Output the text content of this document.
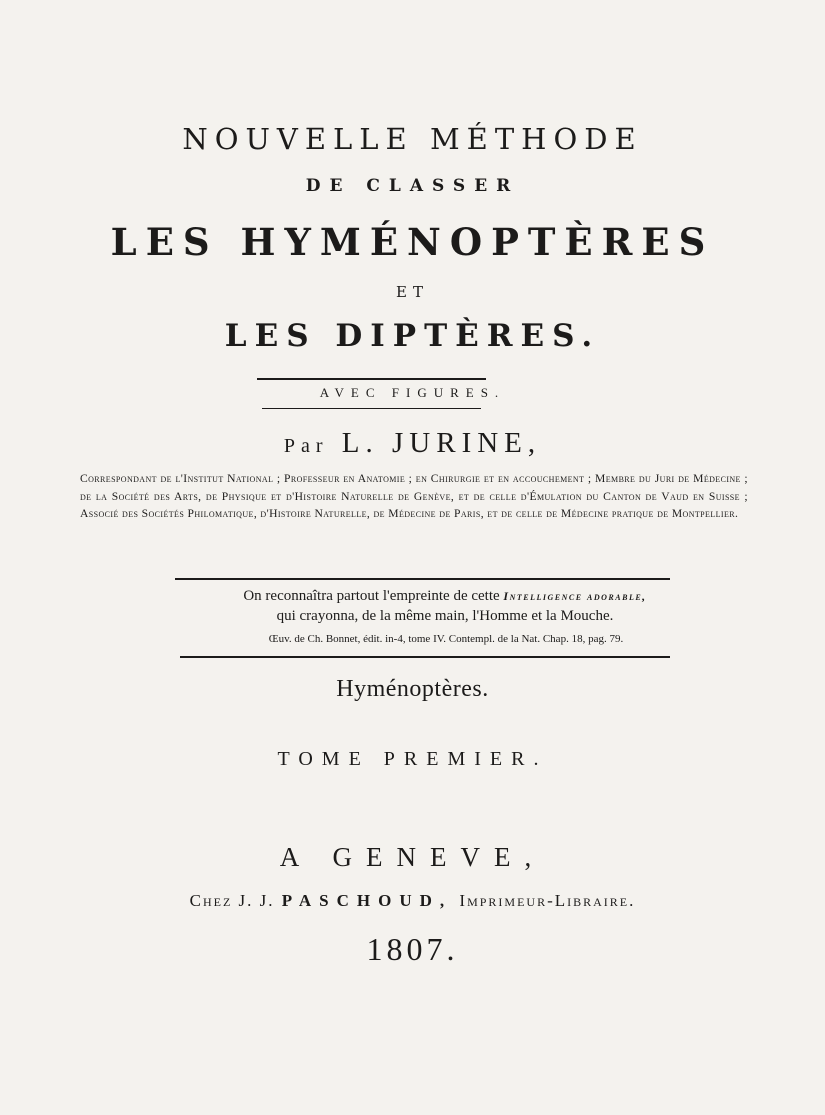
NOUVELLE MÉTHODE
DE CLASSER
LES HYMÉNOPTÈRES
ET
LES DIPTÈRES.
AVEC FIGURES.
Par L. JURINE,
Correspondant de l'Institut National ; Professeur en Anatomie ; en Chirurgie et en accouchement ; Membre du Juri de Médecine ; de la Société des Arts, de Physique et d'Histoire Naturelle de Genève, et de celle d'Émulation du Canton de Vaud en Suisse ; Associé des Sociétés Philomatique, d'Histoire Naturelle, de Médecine de Paris, et de celle de Médecine pratique de Montpellier.
On reconnaîtra partout l'empreinte de cette Intelligence adorable,
qui crayonna, de la même main, l'Homme et la Mouche.
Œuv. de Ch. Bonnet, édit. in-4, tome IV. Contempl. de la Nat. Chap. 18, pag. 79.
Hyménoptères.
TOME PREMIER.
A GENEVE,
Chez J. J. PASCHOUD, Imprimeur-Libraire.
1807.
